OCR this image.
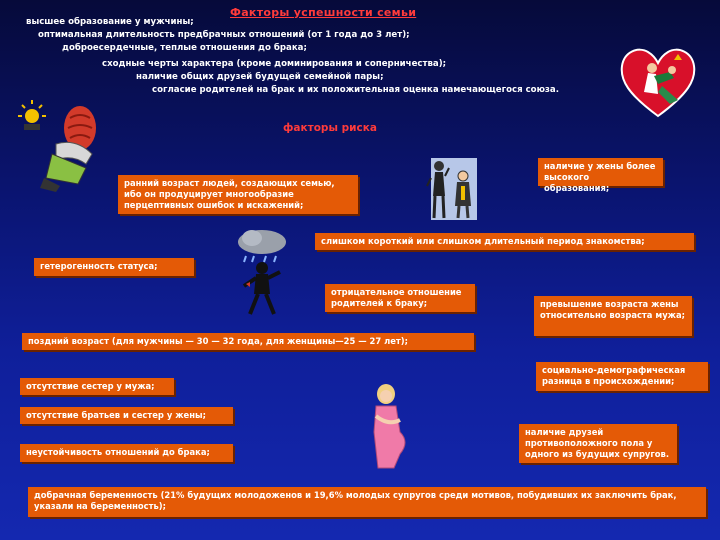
Факторы успешности семьи
высшее образование у мужчины;
оптимальная длительность предбрачных отношений (от 1 года до 3 лет);
доброесердечные, теплые отношения до брака;
сходные черты характера (кроме доминирования и соперничества);
наличие общих друзей будущей семейной пары;
согласие родителей на брак и их положительная оценка намечающегося союза.
факторы риска
ранний возраст людей, создающих семью, ибо он продуцирует многообразие перцептивных ошибок и искажений;
наличие у жены более высокого образования;
слишком короткий или слишком длительный период знакомства;
гетерогенность статуса;
отрицательное отношение родителей к браку;	превышение возраста жены относительно возраста мужа;
поздний возраст (для мужчины — 30 — 32 года, для женщины—25 — 27 лет);
социально-демографическая разница в происхождении;
отсутствие сестер у мужа;
отсутствие братьев и сестер у жены;
наличие друзей противоположного пола у одного из будущих супругов.
неустойчивость отношений до брака;
добрачная беременность (21% будущих молодоженов и 19,6% молодых супругов среди мотивов, побудивших их заключить брак, указали на беременность);
